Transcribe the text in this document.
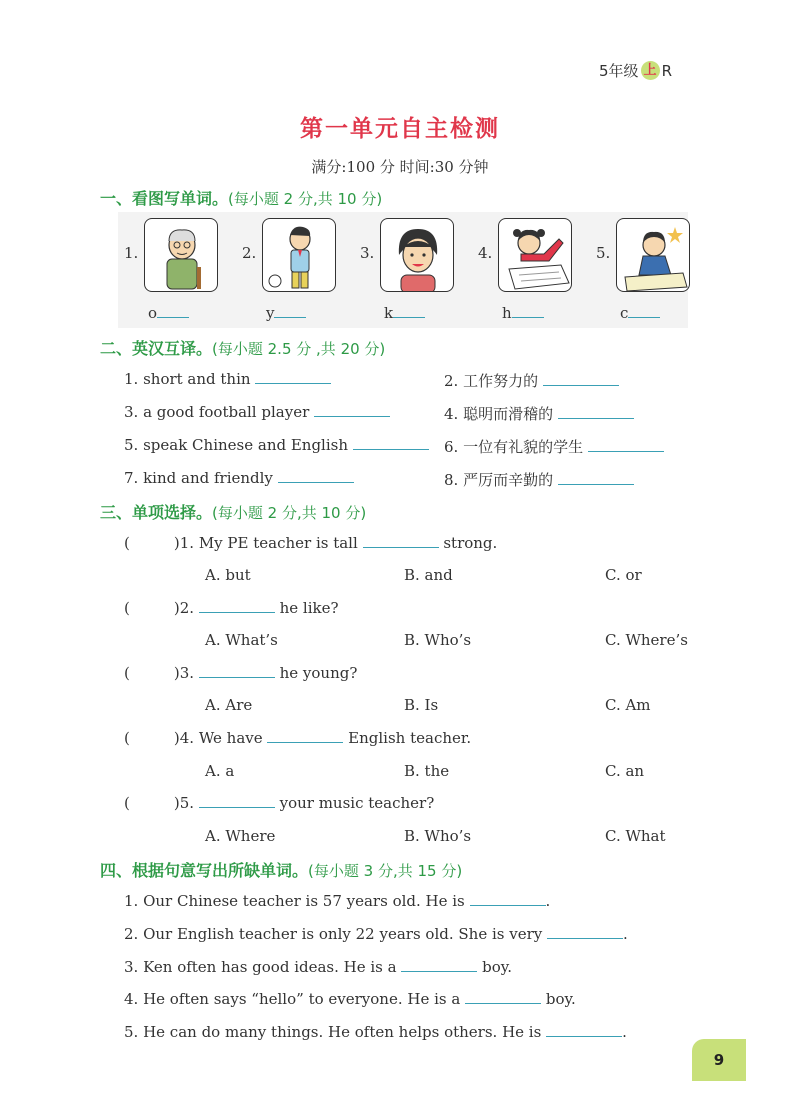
5年级 上 R
第一单元自主检测
满分:100 分 时间:30 分钟
一、看图写单词。(每小题 2 分,共 10 分)
1.
o
2.
y
3.
k
4.
h
5.
c
二、英汉互译。(每小题 2.5 分 ,共 20 分)
1. short and thin	2. 工作努力的
3. a good football player	4. 聪明而滑稽的
5. speak Chinese and English	6. 一位有礼貌的学生
7. kind and friendly	8. 严厉而辛勤的
三、单项选择。(每小题 2 分,共 10 分)
(	)1. My PE teacher is tall	strong.
A. but	B. and	C. or
(	)2.	he like?
A. What’s	B. Who’s	C. Where’s
(	)3.	he young?
A. Are	B. Is	C. Am
(	)4. We have	English teacher.
A. a	B. the	C. an
(	)5.	your music teacher?
A. Where	B. Who’s	C. What
四、根据句意写出所缺单词。(每小题 3 分,共 15 分)
1. Our Chinese teacher is 57 years old. He is	.
2. Our English teacher is only 22 years old. She is very	.
3. Ken often has good ideas. He is a	boy.
4. He often says “hello” to everyone. He is a	boy.
5. He can do many things. He often helps others. He is	.
9
